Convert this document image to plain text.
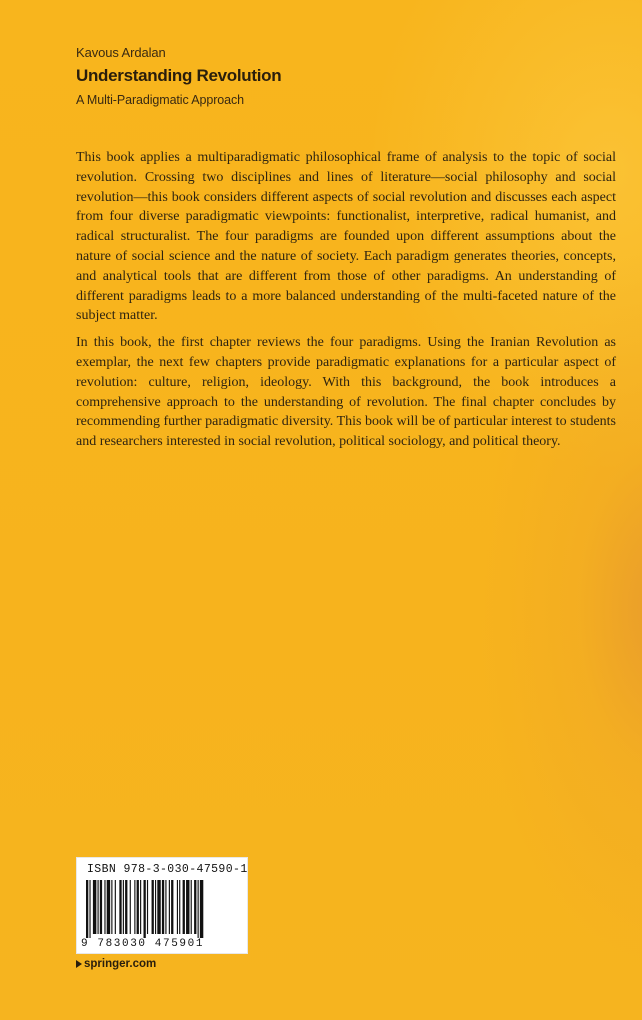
Kavous Ardalan
Understanding Revolution
A Multi-Paradigmatic Approach

This book applies a multiparadigmatic philosophical frame of analysis to the topic of social revolution. Crossing two disciplines and lines of literature—social philosophy and social revolution—this book considers different aspects of social revolution and discusses each aspect from four diverse paradigmatic viewpoints: functionalist, interpretive, radical humanist, and radical structuralist. The four paradigms are founded upon different assumptions about the nature of social science and the nature of society. Each paradigm generates theories, concepts, and analytical tools that are different from those of other paradigms. An understanding of different paradigms leads to a more balanced understanding of the multi-faceted nature of the subject matter.

In this book, the first chapter reviews the four paradigms. Using the Iranian Revolution as exemplar, the next few chapters provide paradigmatic explanations for a particular aspect of revolution: culture, religion, ideology. With this background, the book introduces a comprehensive approach to the understanding of revolution. The final chapter concludes by recommending further paradigmatic diversity. This book will be of particular interest to students and researchers interested in social revolution, political sociology, and political theory.

ISBN 978-3-030-47590-1
9 783030 475901
springer.com
